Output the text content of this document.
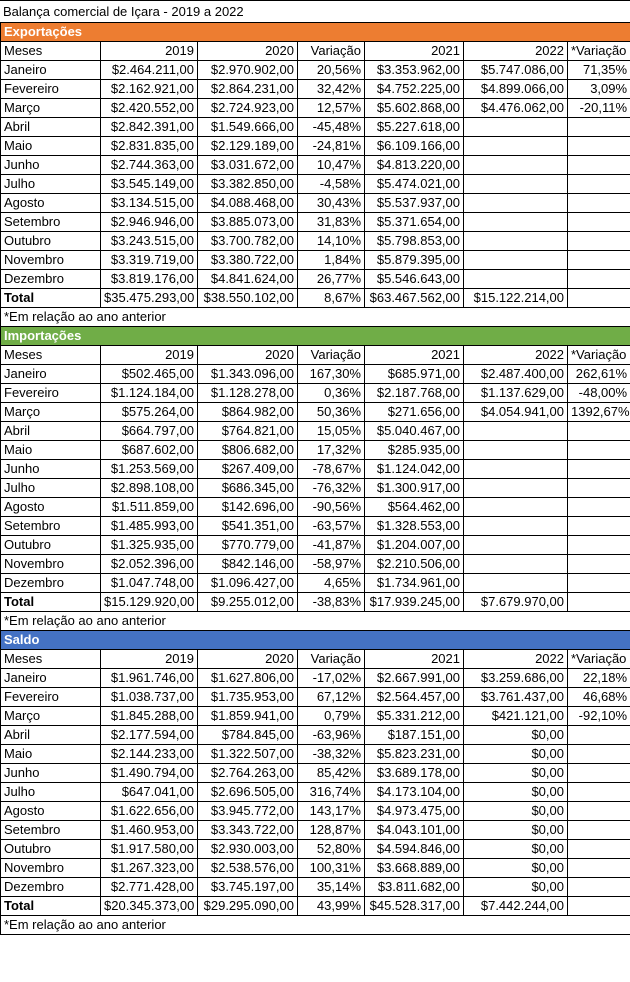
Balança comercial de Içara - 2019 a 2022
Exportações						
Meses	2019	2020	Variação	2021	2022	*Variação
Janeiro	$2.464.211,00	$2.970.902,00	20,56%	$3.353.962,00	$5.747.086,00	71,35%
Fevereiro	$2.162.921,00	$2.864.231,00	32,42%	$4.752.225,00	$4.899.066,00	3,09%
Março	$2.420.552,00	$2.724.923,00	12,57%	$5.602.868,00	$4.476.062,00	-20,11%
Abril	$2.842.391,00	$1.549.666,00	-45,48%	$5.227.618,00		
Maio	$2.831.835,00	$2.129.189,00	-24,81%	$6.109.166,00		
Junho	$2.744.363,00	$3.031.672,00	10,47%	$4.813.220,00		
Julho	$3.545.149,00	$3.382.850,00	-4,58%	$5.474.021,00		
Agosto	$3.134.515,00	$4.088.468,00	30,43%	$5.537.937,00		
Setembro	$2.946.946,00	$3.885.073,00	31,83%	$5.371.654,00		
Outubro	$3.243.515,00	$3.700.782,00	14,10%	$5.798.853,00		
Novembro	$3.319.719,00	$3.380.722,00	1,84%	$5.879.395,00		
Dezembro	$3.819.176,00	$4.841.624,00	26,77%	$5.546.643,00		
Total	$35.475.293,00	$38.550.102,00	8,67%	$63.467.562,00	$15.122.214,00	
*Em relação ao ano anterior						
Importações						
Meses	2019	2020	Variação	2021	2022	*Variação
Janeiro	$502.465,00	$1.343.096,00	167,30%	$685.971,00	$2.487.400,00	262,61%
Fevereiro	$1.124.184,00	$1.128.278,00	0,36%	$2.187.768,00	$1.137.629,00	-48,00%
Março	$575.264,00	$864.982,00	50,36%	$271.656,00	$4.054.941,00	1392,67%
Abril	$664.797,00	$764.821,00	15,05%	$5.040.467,00		
Maio	$687.602,00	$806.682,00	17,32%	$285.935,00		
Junho	$1.253.569,00	$267.409,00	-78,67%	$1.124.042,00		
Julho	$2.898.108,00	$686.345,00	-76,32%	$1.300.917,00		
Agosto	$1.511.859,00	$142.696,00	-90,56%	$564.462,00		
Setembro	$1.485.993,00	$541.351,00	-63,57%	$1.328.553,00		
Outubro	$1.325.935,00	$770.779,00	-41,87%	$1.204.007,00		
Novembro	$2.052.396,00	$842.146,00	-58,97%	$2.210.506,00		
Dezembro	$1.047.748,00	$1.096.427,00	4,65%	$1.734.961,00		
Total	$15.129.920,00	$9.255.012,00	-38,83%	$17.939.245,00	$7.679.970,00	
*Em relação ao ano anterior						
Saldo						
Meses	2019	2020	Variação	2021	2022	*Variação
Janeiro	$1.961.746,00	$1.627.806,00	-17,02%	$2.667.991,00	$3.259.686,00	22,18%
Fevereiro	$1.038.737,00	$1.735.953,00	67,12%	$2.564.457,00	$3.761.437,00	46,68%
Março	$1.845.288,00	$1.859.941,00	0,79%	$5.331.212,00	$421.121,00	-92,10%
Abril	$2.177.594,00	$784.845,00	-63,96%	$187.151,00	$0,00	
Maio	$2.144.233,00	$1.322.507,00	-38,32%	$5.823.231,00	$0,00	
Junho	$1.490.794,00	$2.764.263,00	85,42%	$3.689.178,00	$0,00	
Julho	$647.041,00	$2.696.505,00	316,74%	$4.173.104,00	$0,00	
Agosto	$1.622.656,00	$3.945.772,00	143,17%	$4.973.475,00	$0,00	
Setembro	$1.460.953,00	$3.343.722,00	128,87%	$4.043.101,00	$0,00	
Outubro	$1.917.580,00	$2.930.003,00	52,80%	$4.594.846,00	$0,00	
Novembro	$1.267.323,00	$2.538.576,00	100,31%	$3.668.889,00	$0,00	
Dezembro	$2.771.428,00	$3.745.197,00	35,14%	$3.811.682,00	$0,00	
Total	$20.345.373,00	$29.295.090,00	43,99%	$45.528.317,00	$7.442.244,00	
*Em relação ao ano anterior						
